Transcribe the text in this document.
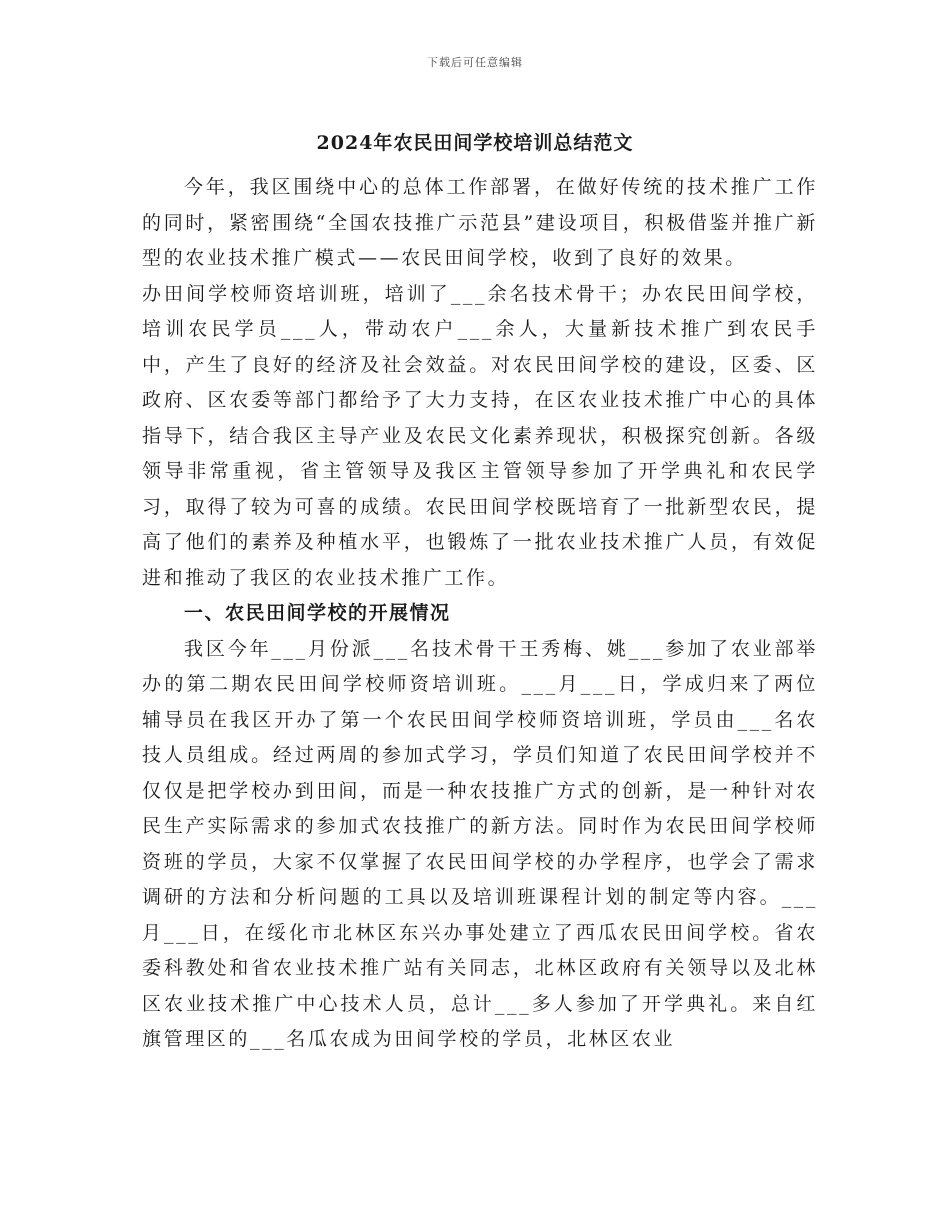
下载后可任意编辑
2024年农民田间学校培训总结范文

今年，我区围绕中心的总体工作部署，在做好传统的技术推广工作的同时，紧密围绕“全国农技推广示范县”建设项目，积极借鉴并推广新型的农业技术推广模式——农民田间学校，收到了良好的效果。

办田间学校师资培训班，培训了___余名技术骨干；办农民田间学校，培训农民学员___人，带动农户___余人，大量新技术推广到农民手中，产生了良好的经济及社会效益。对农民田间学校的建设，区委、区政府、区农委等部门都给予了大力支持，在区农业技术推广中心的具体指导下，结合我区主导产业及农民文化素养现状，积极探究创新。各级领导非常重视，省主管领导及我区主管领导参加了开学典礼和农民学习，取得了较为可喜的成绩。农民田间学校既培育了一批新型农民，提高了他们的素养及种植水平，也锻炼了一批农业技术推广人员，有效促进和推动了我区的农业技术推广工作。

一、农民田间学校的开展情况

我区今年___月份派___名技术骨干王秀梅、姚___参加了农业部举办的第二期农民田间学校师资培训班。___月___日，学成归来了两位辅导员在我区开办了第一个农民田间学校师资培训班，学员由___名农技人员组成。经过两周的参加式学习，学员们知道了农民田间学校并不仅仅是把学校办到田间，而是一种农技推广方式的创新，是一种针对农民生产实际需求的参加式农技推广的新方法。同时作为农民田间学校师资班的学员，大家不仅掌握了农民田间学校的办学程序，也学会了需求调研的方法和分析问题的工具以及培训班课程计划的制定等内容。___月___日，在绥化市北林区东兴办事处建立了西瓜农民田间学校。省农委科教处和省农业技术推广站有关同志，北林区政府有关领导以及北林区农业技术推广中心技术人员，总计___多人参加了开学典礼。来自红旗管理区的___名瓜农成为田间学校的学员，北林区农业
